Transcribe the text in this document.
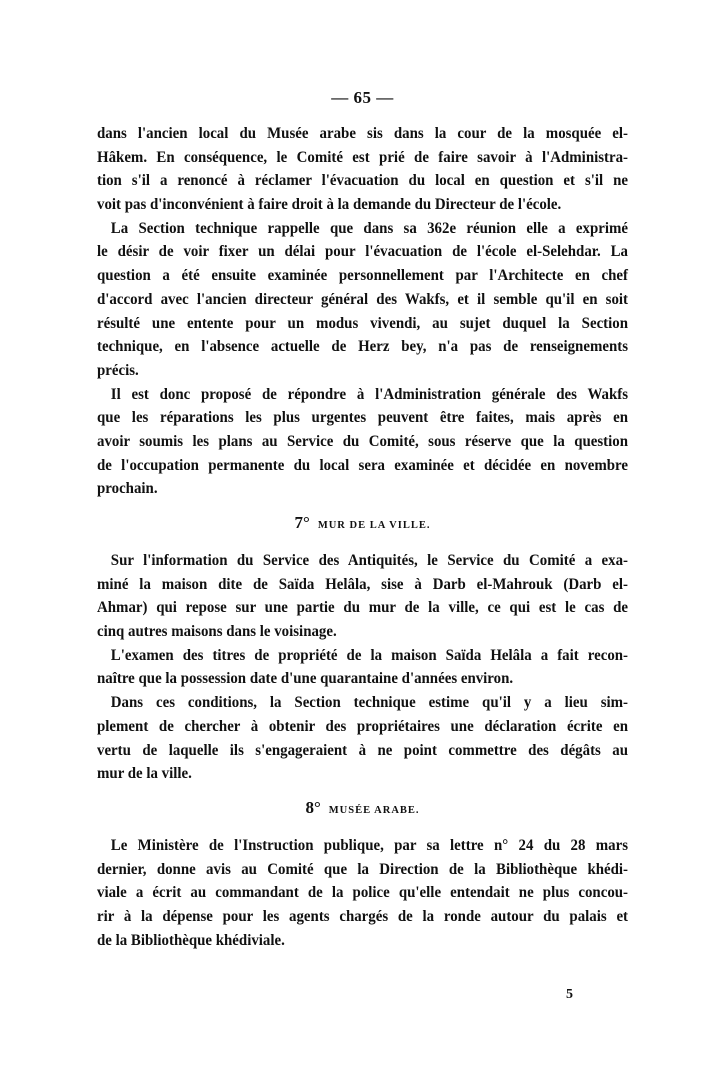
— 65 —
dans l'ancien local du Musée arabe sis dans la cour de la mosquée el-
Hâkem. En conséquence, le Comité est prié de faire savoir à l'Administra-
tion s'il a renoncé à réclamer l'évacuation du local en question et s'il ne
voit pas d'inconvénient à faire droit à la demande du Directeur de l'école.
La Section technique rappelle que dans sa 362e réunion elle a exprimé
le désir de voir fixer un délai pour l'évacuation de l'école el-Selehdar. La
question a été ensuite examinée personnellement par l'Architecte en chef
d'accord avec l'ancien directeur général des Wakfs, et il semble qu'il en soit
résulté une entente pour un modus vivendi, au sujet duquel la Section
technique, en l'absence actuelle de Herz bey, n'a pas de renseignements
précis.
Il est donc proposé de répondre à l'Administration générale des Wakfs
que les réparations les plus urgentes peuvent être faites, mais après en
avoir soumis les plans au Service du Comité, sous réserve que la question
de l'occupation permanente du local sera examinée et décidée en novembre
prochain.
7° MUR DE LA VILLE.
Sur l'information du Service des Antiquités, le Service du Comité a exa-
miné la maison dite de Saïda Helâla, sise à Darb el-Mahrouk (Darb el-
Ahmar) qui repose sur une partie du mur de la ville, ce qui est le cas de
cinq autres maisons dans le voisinage.
L'examen des titres de propriété de la maison Saïda Helâla a fait recon-
naître que la possession date d'une quarantaine d'années environ.
Dans ces conditions, la Section technique estime qu'il y a lieu sim-
plement de chercher à obtenir des propriétaires une déclaration écrite en
vertu de laquelle ils s'engageraient à ne point commettre des dégâts au
mur de la ville.
8° MUSÉE ARABE.
Le Ministère de l'Instruction publique, par sa lettre n° 24 du 28 mars
dernier, donne avis au Comité que la Direction de la Bibliothèque khédi-
viale a écrit au commandant de la police qu'elle entendait ne plus concou-
rir à la dépense pour les agents chargés de la ronde autour du palais et
de la Bibliothèque khédiviale.
5
